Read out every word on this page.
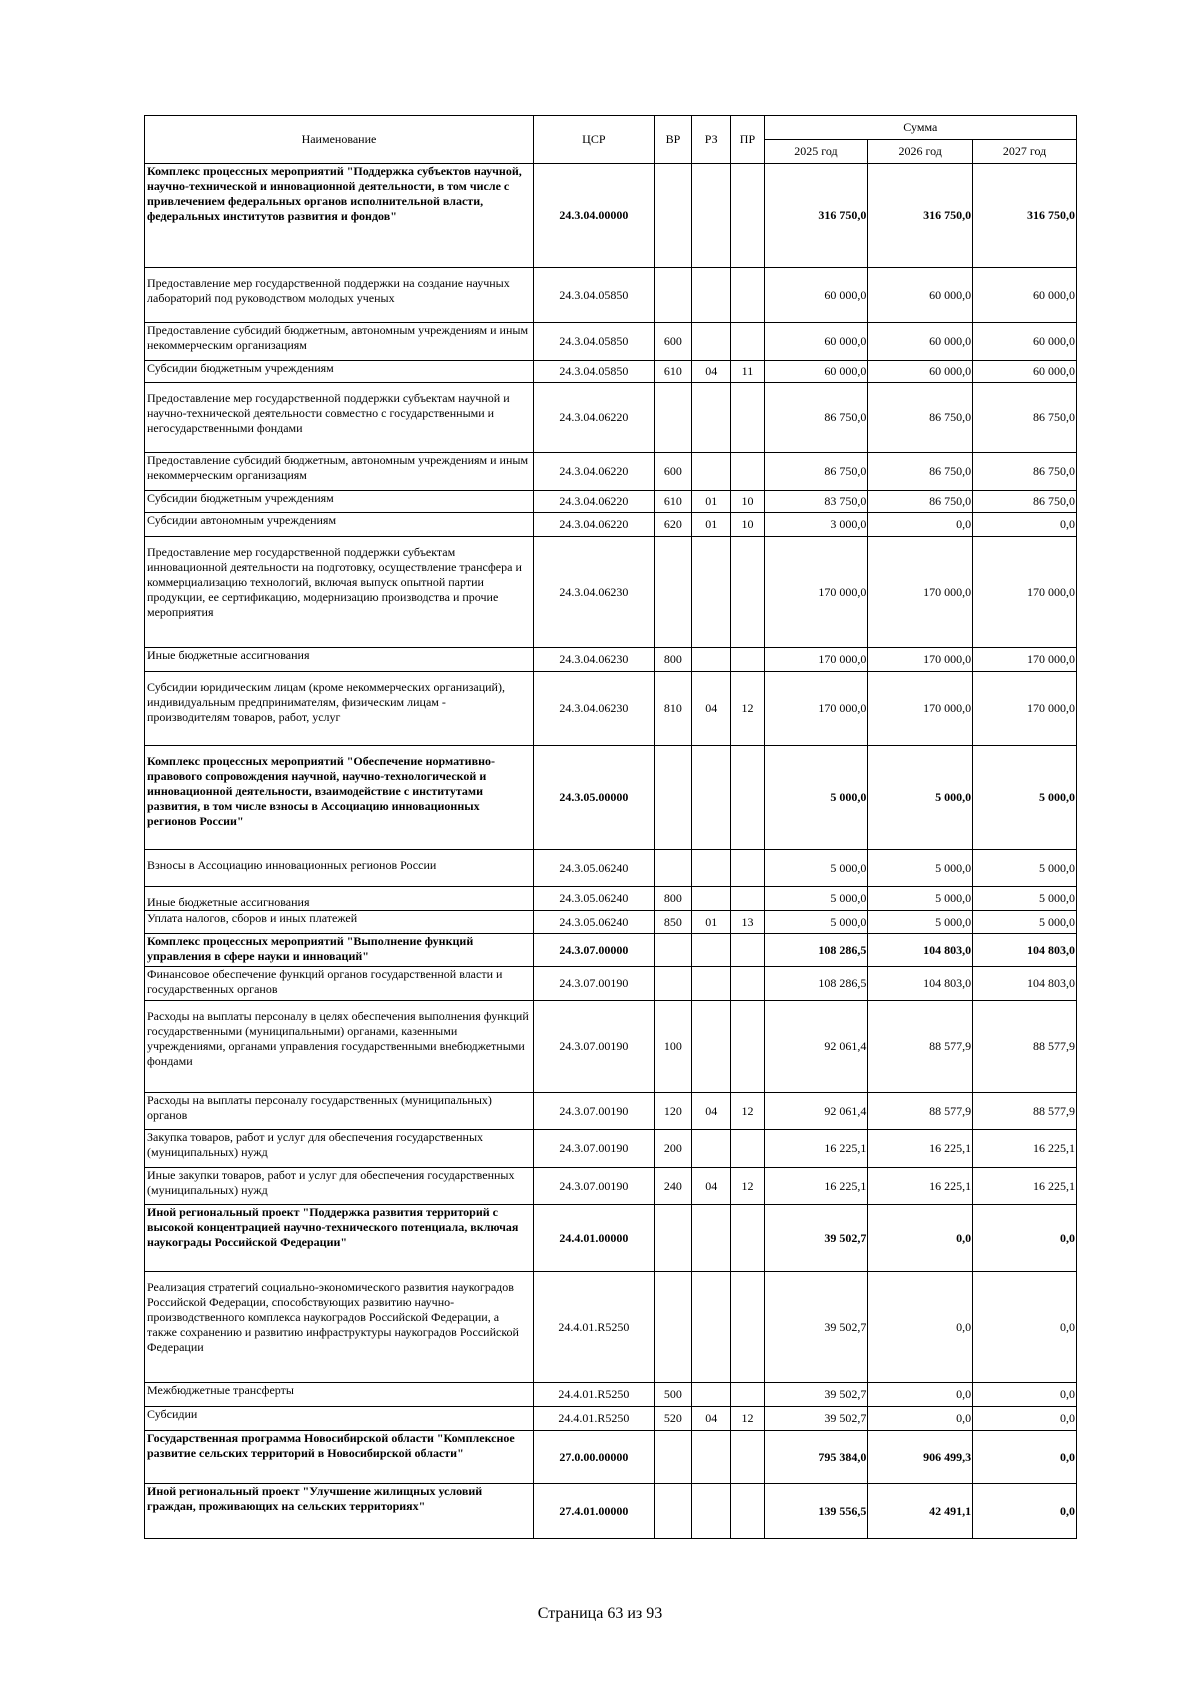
Наименование	ЦСР	ВР	РЗ	ПР	Сумма		
					2025 год	2026 год	2027 год
Комплекс процессных мероприятий "Поддержка субъектов научной, научно-технической и инновационной деятельности, в том числе с привлечением федеральных органов исполнительной власти, федеральных институтов развития и фондов"	24.3.04.00000				316 750,0	316 750,0	316 750,0
Предоставление мер государственной поддержки на создание научных лабораторий под руководством молодых ученых	24.3.04.05850				60 000,0	60 000,0	60 000,0
Предоставление субсидий бюджетным, автономным учреждениям и иным некоммерческим организациям	24.3.04.05850	600			60 000,0	60 000,0	60 000,0
Субсидии бюджетным учреждениям	24.3.04.05850	610	04	11	60 000,0	60 000,0	60 000,0
Предоставление мер государственной поддержки субъектам научной и научно-технической деятельности совместно с государственными и негосударственными фондами	24.3.04.06220				86 750,0	86 750,0	86 750,0
Предоставление субсидий бюджетным, автономным учреждениям и иным некоммерческим организациям	24.3.04.06220	600			86 750,0	86 750,0	86 750,0
Субсидии бюджетным учреждениям	24.3.04.06220	610	01	10	83 750,0	86 750,0	86 750,0
Субсидии автономным учреждениям	24.3.04.06220	620	01	10	3 000,0	0,0	0,0
Предоставление мер государственной поддержки субъектам инновационной деятельности на подготовку, осуществление трансфера и коммерциализацию технологий, включая выпуск опытной партии продукции, ее сертификацию, модернизацию производства и прочие мероприятия	24.3.04.06230				170 000,0	170 000,0	170 000,0
Иные бюджетные ассигнования	24.3.04.06230	800			170 000,0	170 000,0	170 000,0
Субсидии юридическим лицам (кроме некоммерческих организаций), индивидуальным предпринимателям, физическим лицам - производителям товаров, работ, услуг	24.3.04.06230	810	04	12	170 000,0	170 000,0	170 000,0
Комплекс процессных мероприятий "Обеспечение нормативно-правового сопровождения научной, научно-технологической и инновационной деятельности, взаимодействие с институтами развития, в том числе взносы в Ассоциацию инновационных регионов России"	24.3.05.00000				5 000,0	5 000,0	5 000,0
Взносы в Ассоциацию инновационных регионов России	24.3.05.06240				5 000,0	5 000,0	5 000,0
Иные бюджетные ассигнования	24.3.05.06240	800			5 000,0	5 000,0	5 000,0
Уплата налогов, сборов и иных платежей	24.3.05.06240	850	01	13	5 000,0	5 000,0	5 000,0
Комплекс процессных мероприятий "Выполнение функций управления в сфере науки и инноваций"	24.3.07.00000				108 286,5	104 803,0	104 803,0
Финансовое обеспечение функций органов государственной власти и государственных органов	24.3.07.00190				108 286,5	104 803,0	104 803,0
Расходы на выплаты персоналу в целях обеспечения выполнения функций государственными (муниципальными) органами, казенными учреждениями, органами управления государственными внебюджетными фондами	24.3.07.00190	100			92 061,4	88 577,9	88 577,9
Расходы на выплаты персоналу государственных (муниципальных) органов	24.3.07.00190	120	04	12	92 061,4	88 577,9	88 577,9
Закупка товаров, работ и услуг для обеспечения государственных (муниципальных) нужд	24.3.07.00190	200			16 225,1	16 225,1	16 225,1
Иные закупки товаров, работ и услуг для обеспечения государственных (муниципальных) нужд	24.3.07.00190	240	04	12	16 225,1	16 225,1	16 225,1
Иной региональный проект "Поддержка развития территорий с высокой концентрацией научно-технического потенциала, включая наукограды Российской Федерации"	24.4.01.00000				39 502,7	0,0	0,0
Реализация стратегий социально-экономического развития наукоградов Российской Федерации, способствующих развитию научно-производственного комплекса наукоградов Российской Федерации, а также сохранению и развитию инфраструктуры наукоградов Российской Федерации	24.4.01.R5250				39 502,7	0,0	0,0
Межбюджетные трансферты	24.4.01.R5250	500			39 502,7	0,0	0,0
Субсидии	24.4.01.R5250	520	04	12	39 502,7	0,0	0,0
Государственная программа Новосибирской области "Комплексное развитие сельских территорий в Новосибирской области"	27.0.00.00000				795 384,0	906 499,3	0,0
Иной региональный проект "Улучшение жилищных условий граждан, проживающих на сельских территориях"	27.4.01.00000				139 556,5	42 491,1	0,0
Страница 63 из 93
